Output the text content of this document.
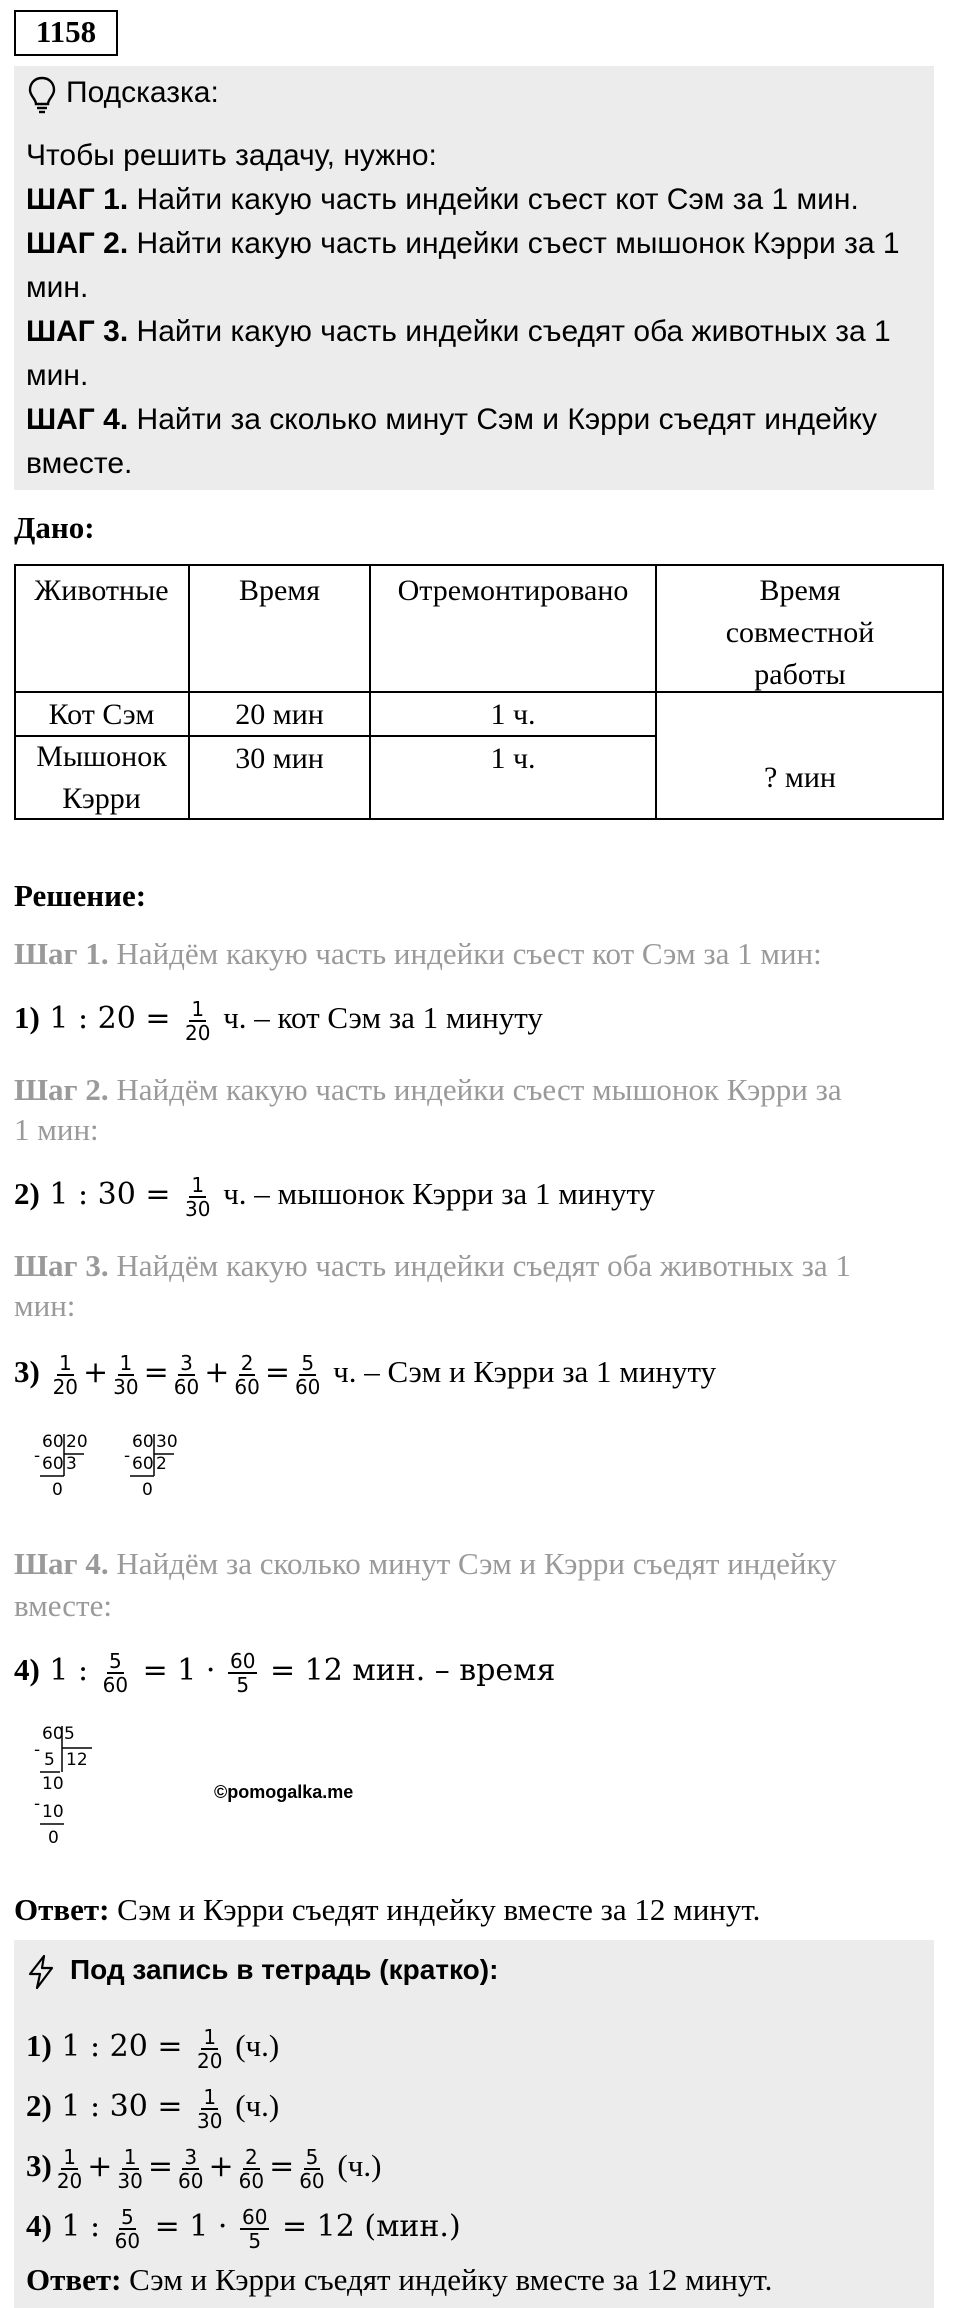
1158
Подсказка:
Чтобы решить задачу, нужно:
ШАГ 1. Найти какую часть индейки съест кот Сэм за 1 мин.
ШАГ 2. Найти какую часть индейки съест мышонок Кэрри за 1
мин.
ШАГ 3. Найти какую часть индейки съедят оба животных за 1
мин.
ШАГ 4. Найти за сколько минут Сэм и Кэрри съедят индейку
вместе.
Дано:
Животные	Время	Отремонтировано	Время
совместной
работы
Кот Сэм	20 мин	1 ч.
Мышонок
Кэрри
30 мин	1 ч.
? мин
Решение:
Шаг 1. Найдём какую часть индейки съест кот Сэм за 1 мин:
1) 1 : $20 = \frac{1}{20} ч$. – кот Сэм за 1 минуту
Шаг 2. Найдём какую часть индейки съест мышонок Кэрри за
1 мин:
2) 1 : $30 = \frac{1}{30} ч$. – мышонок Кэрри за 1 минуту
Шаг 3. Найдём какую часть индейки съедят оба животных за 1
мин:
$3) \frac{1}{20} + \frac{1}{30} = \frac{3}{60} + \frac{2}{60} = \frac{5}{60} ч$. – Сэм и Кэрри за 1 минуту
60 20
- 60 3
0
60 30
- 60 2
0
Шаг 4. Найдём за сколько минут Сэм и Кэрри съедят индейку
вместе:
4) 1 : $\frac{5}{60} = 1 \cdot \frac{60}{5} = 12$ мин. – время
60 5
- 5 12
10
- 10
0
©pomogalka.me
Ответ: Сэм и Кэрри съедят индейку вместе за 12 минут.
Под запись в тетрадь (кратко):
1) 1 : $20 = \frac{1}{20} (ч.)$
2) 1 : $30 = \frac{1}{30} (ч.)$
$3) \frac{1}{20} + \frac{1}{30} = \frac{3}{60} + \frac{2}{60} = \frac{5}{60} (ч.)$
4) 1 : $\frac{5}{60} = 1 \cdot \frac{60}{5} = 12$ (мин.)
Ответ: Сэм и Кэрри съедят индейку вместе за 12 минут.
